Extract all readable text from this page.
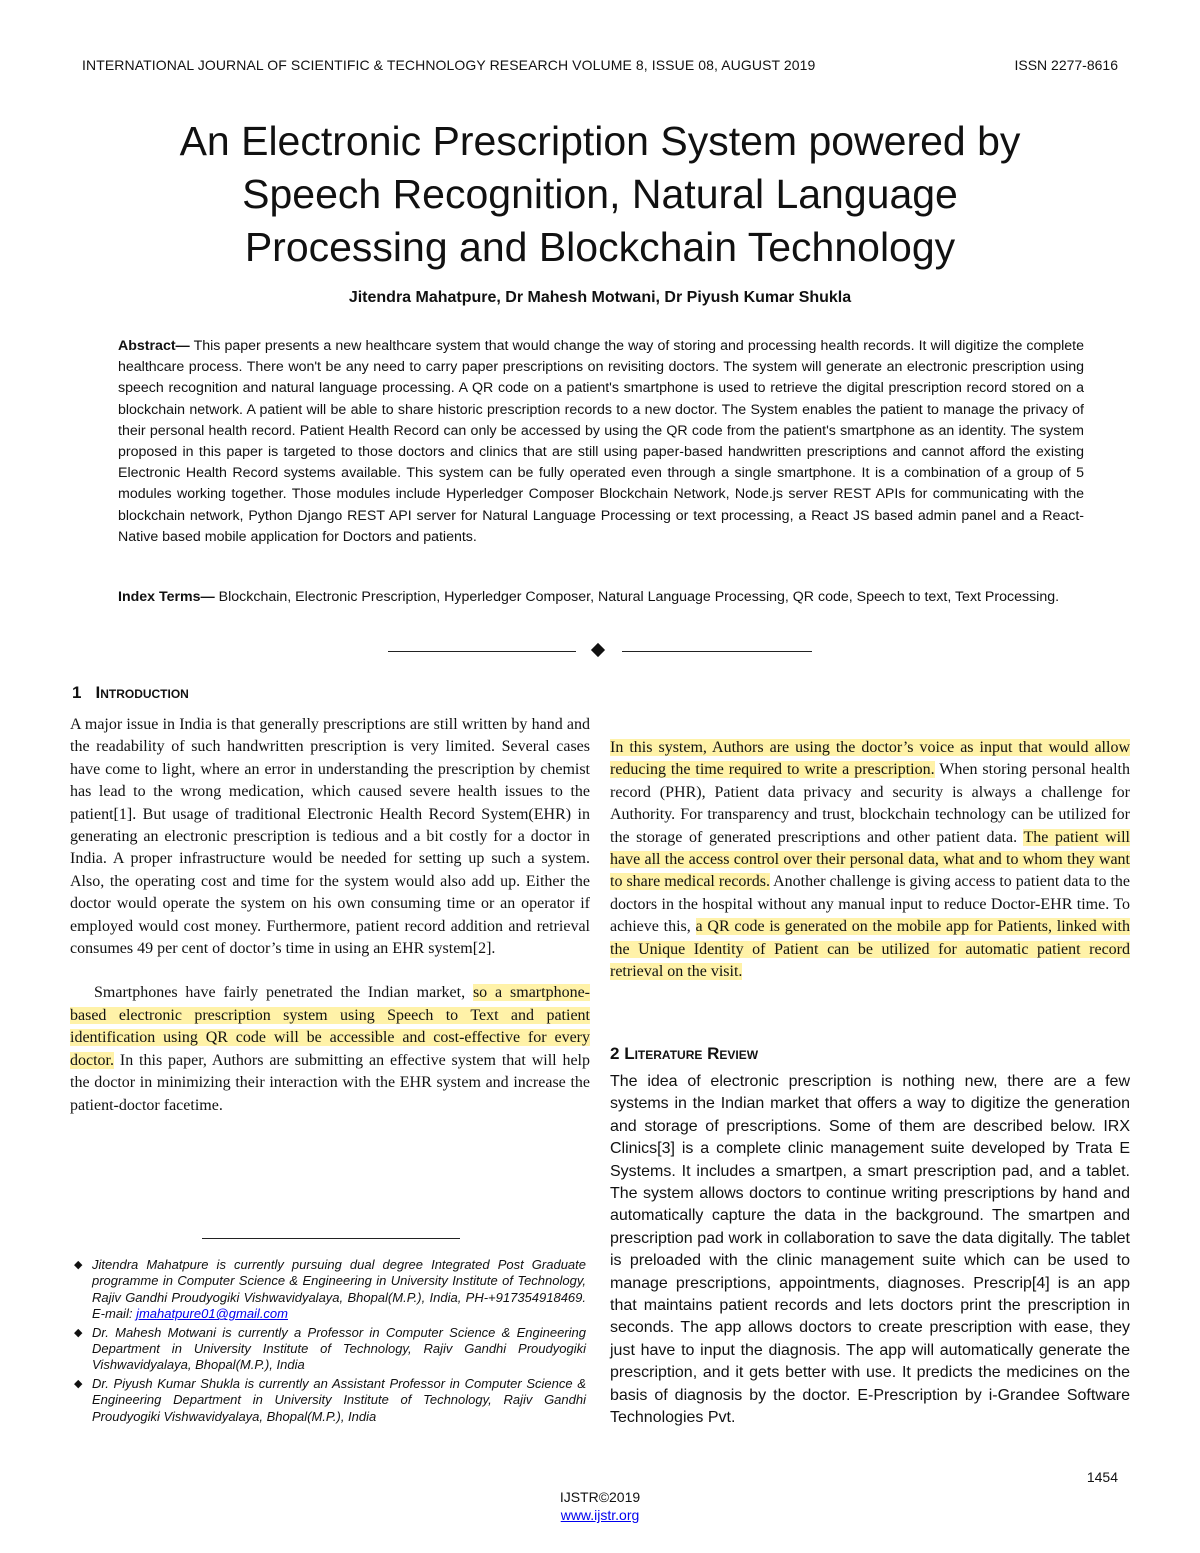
INTERNATIONAL JOURNAL OF SCIENTIFIC & TECHNOLOGY RESEARCH VOLUME 8, ISSUE 08, AUGUST 2019	ISSN 2277-8616
An Electronic Prescription System powered by
Speech Recognition, Natural Language
Processing and Blockchain Technology
Jitendra Mahatpure, Dr Mahesh Motwani, Dr Piyush Kumar Shukla
Abstract— This paper presents a new healthcare system that would change the way of storing and processing health records. It will digitize the complete healthcare process. There won't be any need to carry paper prescriptions on revisiting doctors. The system will generate an electronic prescription using speech recognition and natural language processing. A QR code on a patient's smartphone is used to retrieve the digital prescription record stored on a blockchain network. A patient will be able to share historic prescription records to a new doctor. The System enables the patient to manage the privacy of their personal health record. Patient Health Record can only be accessed by using the QR code from the patient's smartphone as an identity. The system proposed in this paper is targeted to those doctors and clinics that are still using paper-based handwritten prescriptions and cannot afford the existing Electronic Health Record systems available. This system can be fully operated even through a single smartphone. It is a combination of a group of 5 modules working together. Those modules include Hyperledger Composer Blockchain Network, Node.js server REST APIs for communicating with the blockchain network, Python Django REST API server for Natural Language Processing or text processing, a React JS based admin panel and a React-Native based mobile application for Doctors and patients.
Index Terms— Blockchain, Electronic Prescription, Hyperledger Composer, Natural Language Processing, QR code, Speech to text, Text Processing.
1 Introduction

A major issue in India is that generally prescriptions are still written by hand and the readability of such handwritten prescription is very limited. Several cases have come to light, where an error in understanding the prescription by chemist has lead to the wrong medication, which caused severe health issues to the patient[1]. But usage of traditional Electronic Health Record System(EHR) in generating an electronic prescription is tedious and a bit costly for a doctor in India. A proper infrastructure would be needed for setting up such a system. Also, the operating cost and time for the system would also add up. Either the doctor would operate the system on his own consuming time or an operator if employed would cost money. Furthermore, patient record addition and retrieval consumes 49 per cent of doctor’s time in using an EHR system[2].

Smartphones have fairly penetrated the Indian market, so a smartphone-based electronic prescription system using Speech to Text and patient identification using QR code will be accessible and cost-effective for every doctor. In this paper, Authors are submitting an effective system that will help the doctor in minimizing their interaction with the EHR system and increase the patient-doctor facetime.

In this system, Authors are using the doctor’s voice as input that would allow reducing the time required to write a prescription. When storing personal health record (PHR), Patient data privacy and security is always a challenge for Authority. For transparency and trust, blockchain technology can be utilized for the storage of generated prescriptions and other patient data. The patient will have all the access control over their personal data, what and to whom they want to share medical records. Another challenge is giving access to patient data to the doctors in the hospital without any manual input to reduce Doctor-EHR time. To achieve this, a QR code is generated on the mobile app for Patients, linked with the Unique Identity of Patient can be utilized for automatic patient record retrieval on the visit.

2 Literature Review
The idea of electronic prescription is nothing new, there are a few systems in the Indian market that offers a way to digitize the generation and storage of prescriptions. Some of them are described below. IRX Clinics[3] is a complete clinic management suite developed by Trata E Systems. It includes a smartpen, a smart prescription pad, and a tablet. The system allows doctors to continue writing prescriptions by hand and automatically capture the data in the background. The smartpen and prescription pad work in collaboration to save the data digitally. The tablet is preloaded with the clinic management suite which can be used to manage prescriptions, appointments, diagnoses. Prescrip[4] is an app that maintains patient records and lets doctors print the prescription in seconds. The app allows doctors to create prescription with ease, they just have to input the diagnosis. The app will automatically generate the prescription, and it gets better with use. It predicts the medicines on the basis of diagnosis by the doctor. E-Prescription by i-Grandee Software Technologies Pvt.
◆ Jitendra Mahatpure is currently pursuing dual degree Integrated Post Graduate programme in Computer Science & Engineering in University Institute of Technology, Rajiv Gandhi Proudyogiki Vishwavidyalaya, Bhopal(M.P.), India, PH-+917354918469. E-mail: jmahatpure01@gmail.com
◆ Dr. Mahesh Motwani is currently a Professor in Computer Science & Engineering Department in University Institute of Technology, Rajiv Gandhi Proudyogiki Vishwavidyalaya, Bhopal(M.P.), India
◆ Dr. Piyush Kumar Shukla is currently an Assistant Professor in Computer Science & Engineering Department in University Institute of Technology, Rajiv Gandhi Proudyogiki Vishwavidyalaya, Bhopal(M.P.), India
1454
IJSTR©2019
www.ijstr.org
